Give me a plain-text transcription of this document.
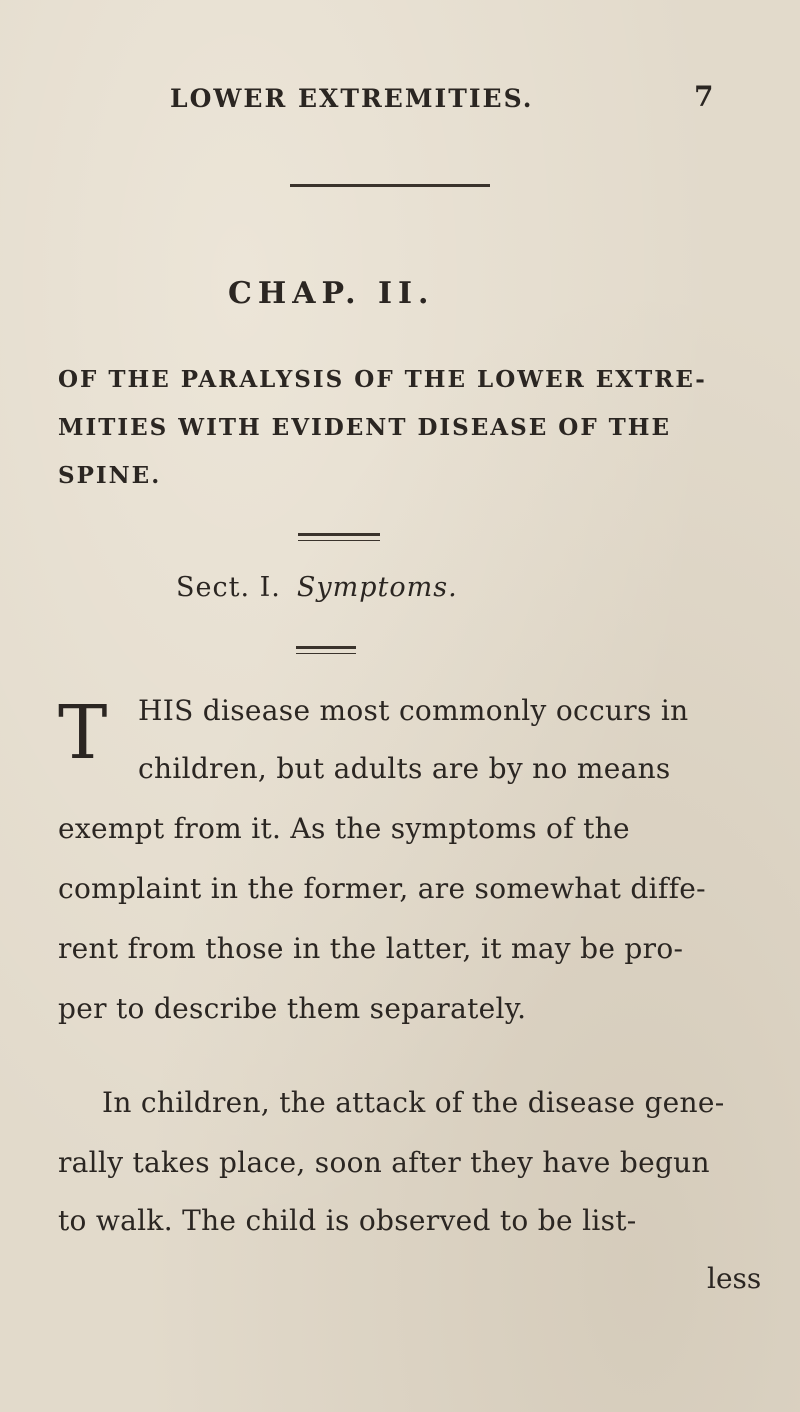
LOWER EXTREMITIES.	7
CHAP. II.
OF THE PARALYSIS OF THE LOWER EXTRE-
MITIES WITH EVIDENT DISEASE OF THE
SPINE.
Sect. I. Symptoms.
T HIS disease most commonly occurs in
children, but adults are by no means
exempt from it. As the symptoms of the
complaint in the former, are somewhat diffe-
rent from those in the latter, it may be pro-
per to describe them separately.
In children, the attack of the disease gene-
rally takes place, soon after they have begun
to walk. The child is observed to be list-
less
